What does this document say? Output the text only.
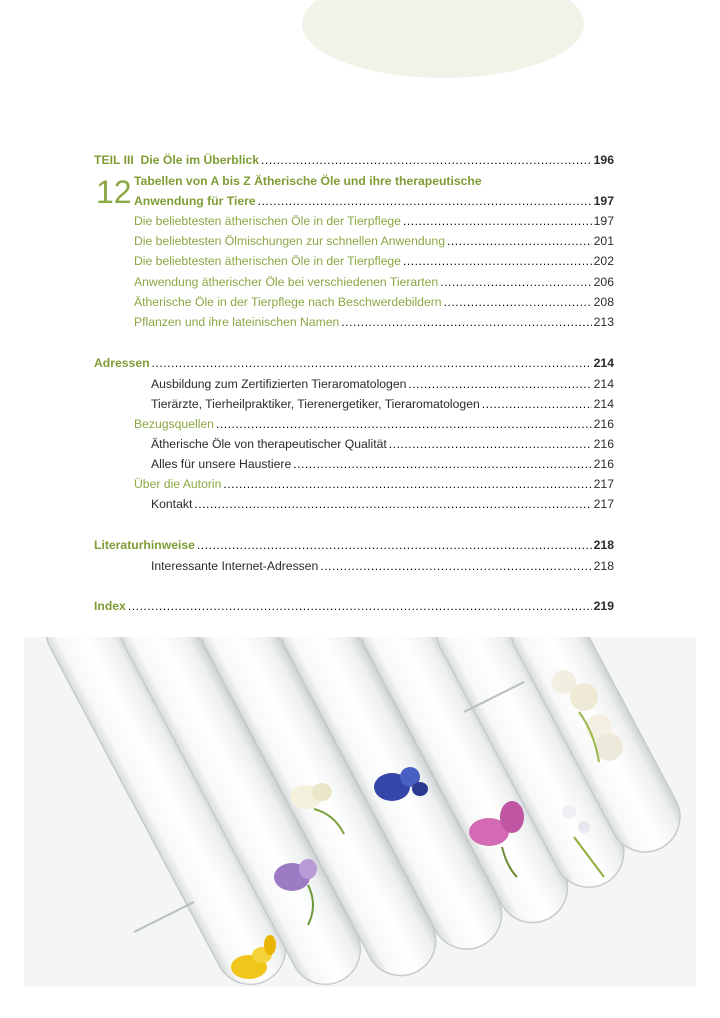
TEIL III Die Öle im Überblick .....	196
12 Tabellen von A bis Z Ätherische Öle und ihre therapeutische
Anwendung für Tiere .....	197
Die beliebtesten ätherischen Öle in der Tierpflege .....	197
Die beliebtesten Ölmischungen zur schnellen Anwendung .....	201
Die beliebtesten ätherischen Öle in der Tierpflege .....	202
Anwendung ätherischer Öle bei verschiedenen Tierarten .....	206
Ätherische Öle in der Tierpflege nach Beschwerdebildern .....	208
Pflanzen und ihre lateinischen Namen .....	213
Adressen .....	214
Ausbildung zum Zertifizierten Tieraromatologen .....	214
Tierärzte, Tierheilpraktiker, Tierenergetiker, Tieraromatologen .....	214
Bezugsquellen .....	216
Ätherische Öle von therapeutischer Qualität .....	216
Alles für unsere Haustiere .....	216
Über die Autorin .....	217
Kontakt .....	217
Literaturhinweise .....	218
Interessante Internet-Adressen .....	218
Index .....	219
